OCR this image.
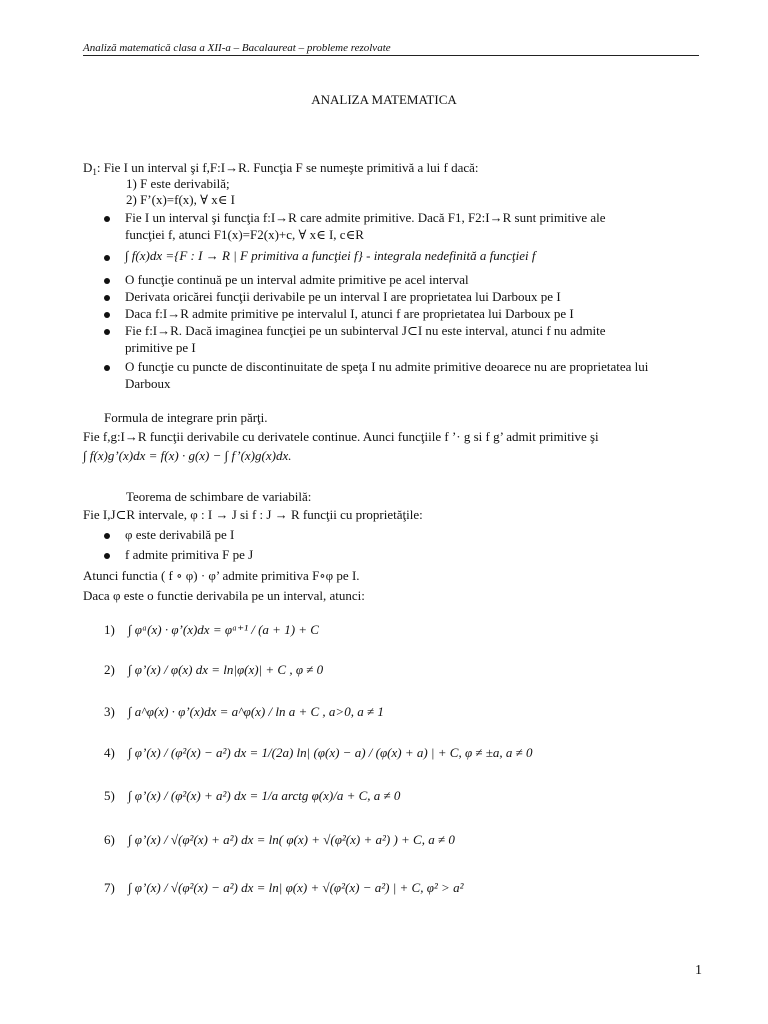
Analiză matematică clasa a XII-a – Bacalaureat – probleme rezolvate
ANALIZA MATEMATICA
$D_1$: Fie I un interval şi f,F:I→R. Funcţia F se numeşte primitivă a lui f dacă:
1) F este derivabilă;
2) F’(x)=f(x), ∀ x∈ I
Fie I un interval şi funcţia f:I→R care admite primitive. Dacă F1, F2:I→R sunt primitive ale
funcţiei f, atunci F1(x)=F2(x)+c, ∀ x∈ I, c∈R
∫ f(x)dx ={F : I → R | F primitiva a funcţiei f} - integrala nedefinită a funcţiei f
O funcţie continuă pe un interval admite primitive pe acel interval
Derivata oricărei funcţii derivabile pe un interval I are proprietatea lui Darboux pe I
Daca f:I→R admite primitive pe intervalul I, atunci f are proprietatea lui Darboux pe I
Fie f:I→R. Dacă imaginea funcţiei pe un subinterval J⊂I nu este interval, atunci f nu admite
primitive pe I
O funcţie cu puncte de discontinuitate de speţa I nu admite primitive deoarece nu are proprietatea lui
Darboux
Formula de integrare prin părţi.
Fie f,g:I→R funcţii derivabile cu derivatele continue. Aunci funcţiile f ’· g si f g’ admit primitive şi
∫ f(x)g’(x)dx = f(x) · g(x) − ∫ f’(x)g(x)dx.
Teorema de schimbare de variabilă:
Fie I,J⊂R intervale, φ : I → J si f : J → R funcţii cu proprietăţile:
φ este derivabilă pe I
f admite primitiva F pe J
Atunci functia ( f ∘ φ) · φ’ admite primitiva F∘φ pe I.
Daca φ este o functie derivabila pe un interval, atunci:
1) ∫ φᵃ(x) · φ’(x)dx = φᵃ⁺¹ / (a + 1) + C
2) ∫ φ’(x) / φ(x) dx = ln|φ(x)| + C , φ ≠ 0
3) ∫ a^φ(x) · φ’(x)dx = a^φ(x) / ln a + C , a>0, a ≠ 1
4) ∫ φ’(x) / (φ²(x) − a²) dx = 1/(2a) ln| (φ(x) − a) / (φ(x) + a) | + C, φ ≠ ±a, a ≠ 0
5) ∫ φ’(x) / (φ²(x) + a²) dx = 1/a arctg φ(x)/a + C, a ≠ 0
6) ∫ φ’(x) / √(φ²(x) + a²) dx = ln( φ(x) + √(φ²(x) + a²) ) + C, a ≠ 0
7) ∫ φ’(x) / √(φ²(x) − a²) dx = ln| φ(x) + √(φ²(x) − a²) | + C, φ² > a²
1
